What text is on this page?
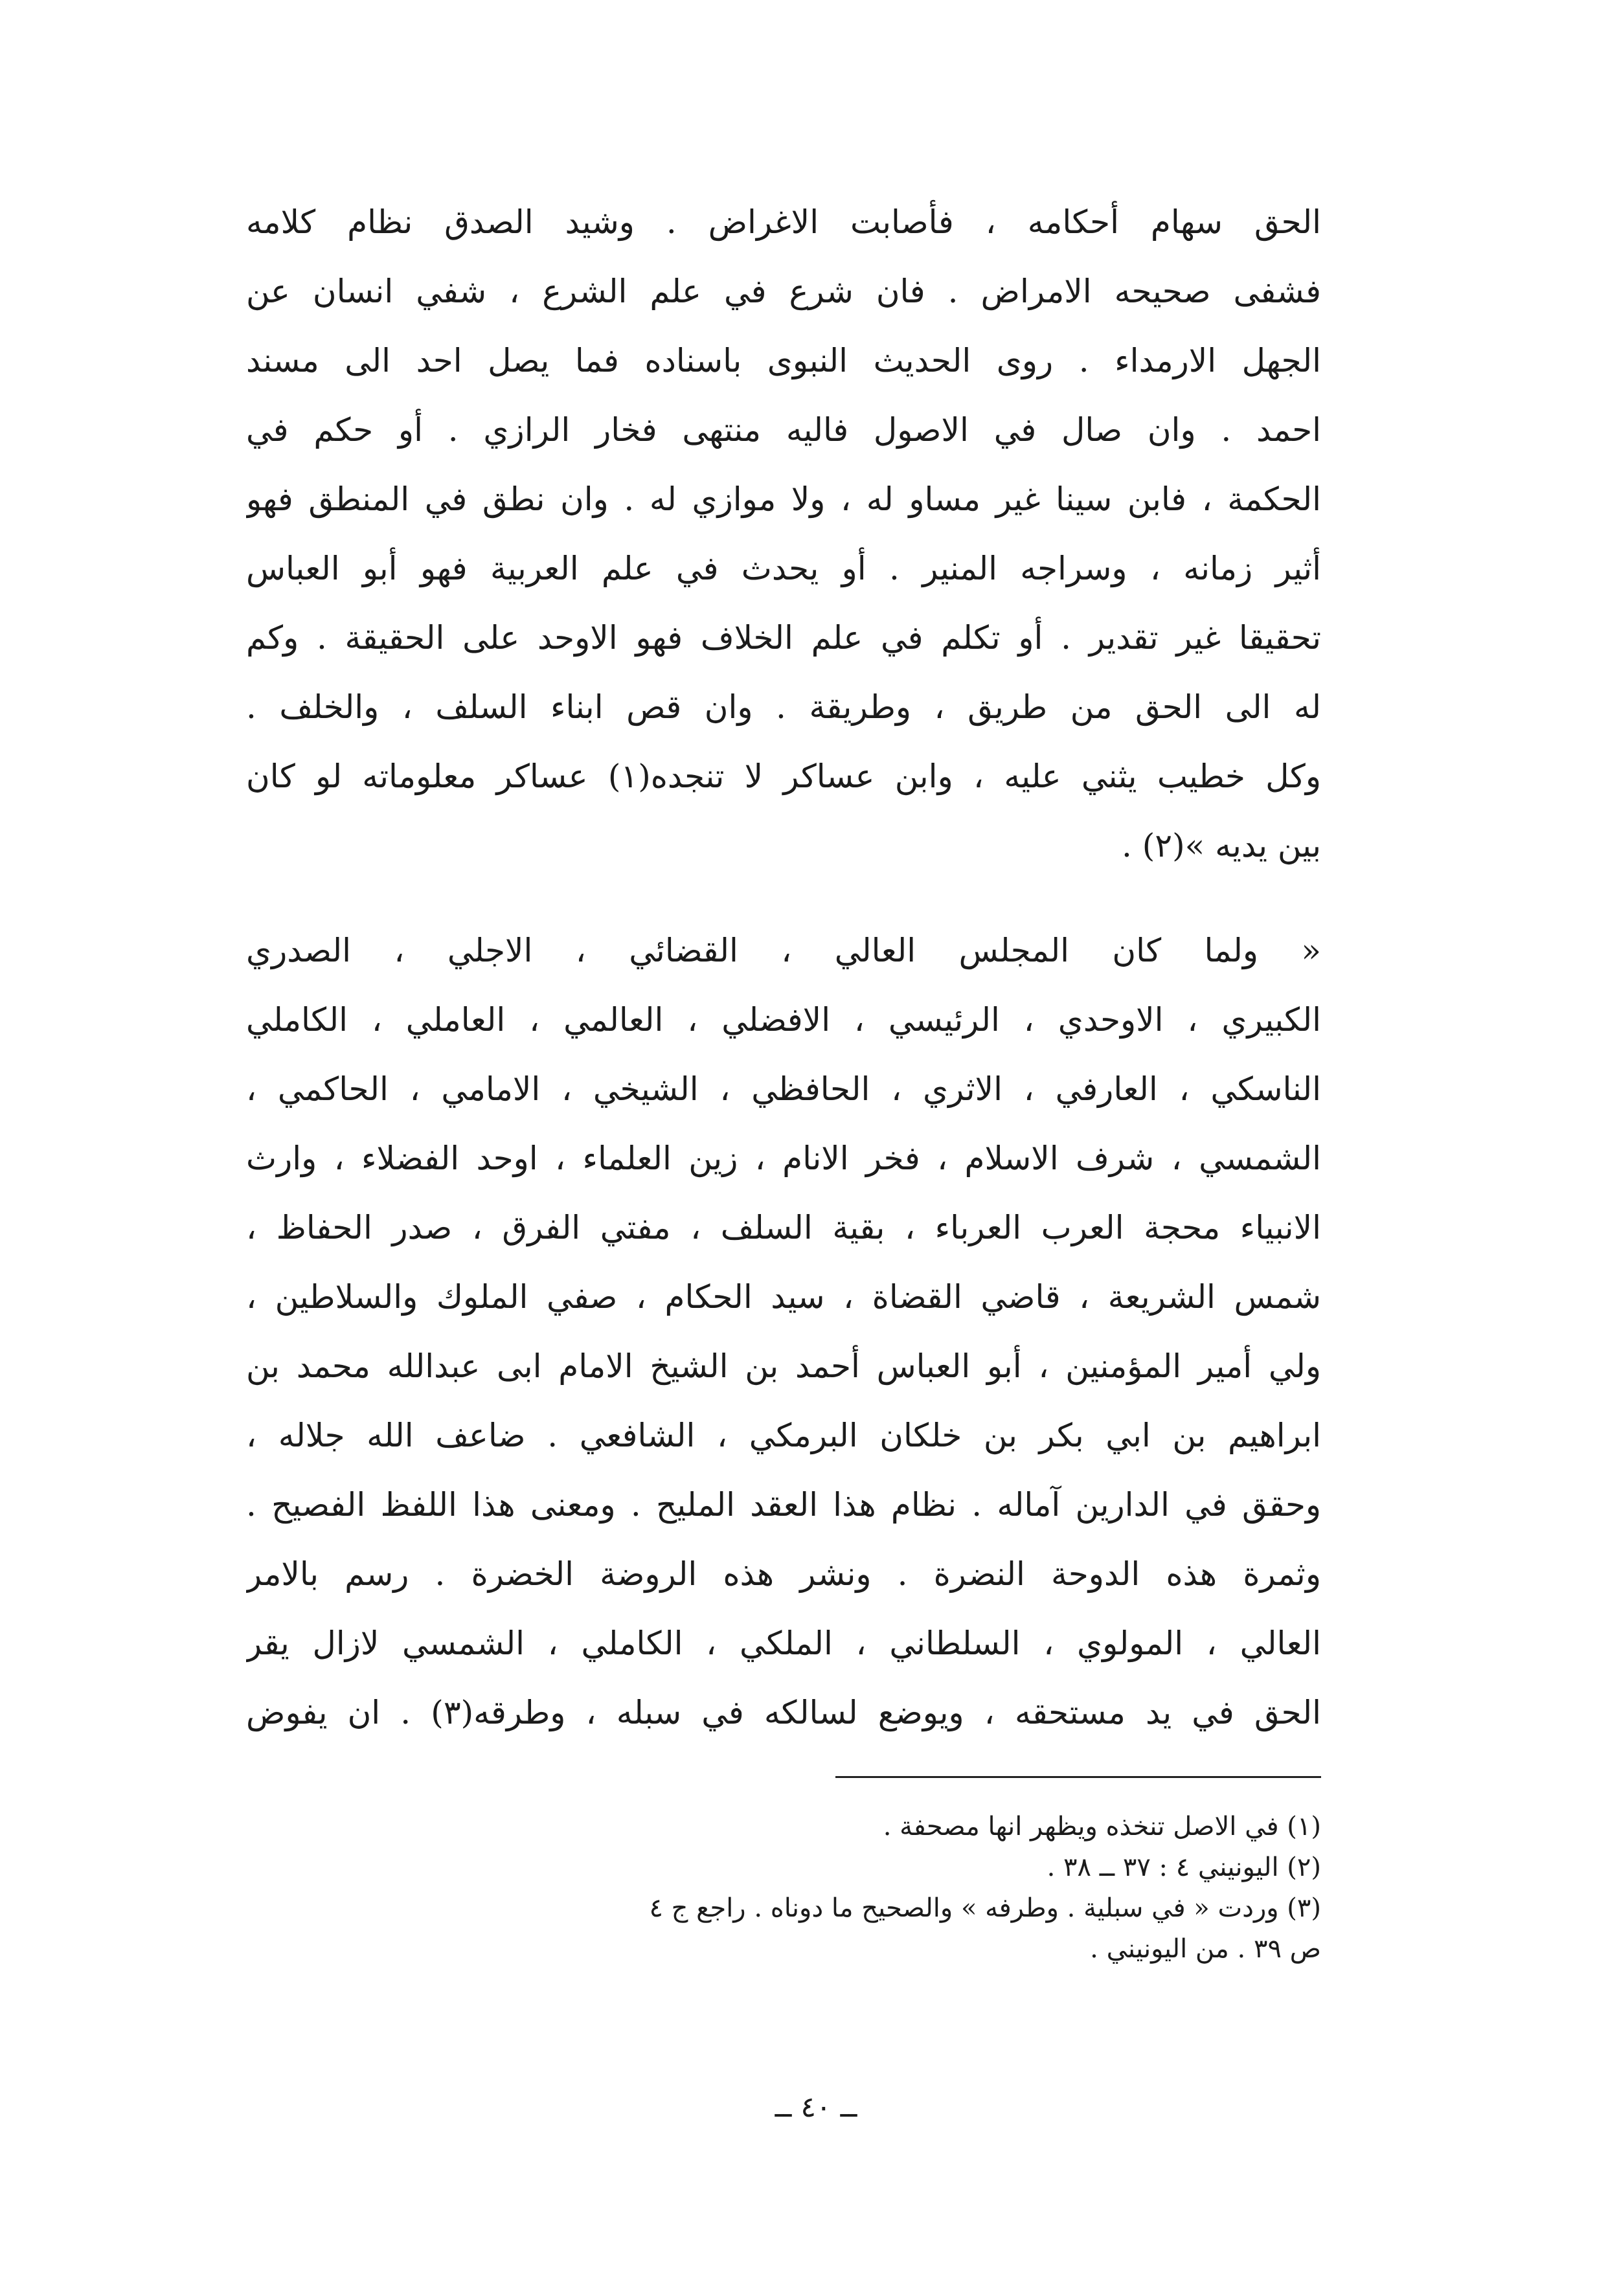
الحق سهام أحكامه ، فأصابت الاغراض . وشيد الصدق نظام كلامه
فشفى صحيحه الامراض . فان شرع في علم الشرع ، شفي انسان عن
الجهل الارمداء . روى الحديث النبوى باسناده فما يصل احد الى مسند
احمد . وان صال في الاصول فاليه منتهى فخار الرازي . أو حكم في
الحكمة ، فابن سينا غير مساو له ، ولا موازي له . وان نطق في المنطق فهو
أثير زمانه ، وسراجه المنير . أو يحدث في علم العربية فهو أبو العباس
تحقيقا غير تقدير . أو تكلم في علم الخلاف فهو الاوحد على الحقيقة . وكم
له الى الحق من طريق ، وطريقة . وان قص ابناء السلف ، والخلف .
وكل خطيب يثني عليه ، وابن عساكر لا تنجده(١) عساكر معلوماته لو كان
بين يديه »(٢) .
« ولما كان المجلس العالي ، القضائي ، الاجلي ، الصدري
الكبيري ، الاوحدي ، الرئيسي ، الافضلي ، العالمي ، العاملي ، الكاملي
الناسكي ، العارفي ، الاثري ، الحافظي ، الشيخي ، الامامي ، الحاكمي ،
الشمسي ، شرف الاسلام ، فخر الانام ، زين العلماء ، اوحد الفضلاء ، وارث
الانبياء محجة العرب العرباء ، بقية السلف ، مفتي الفرق ، صدر الحفاظ ،
شمس الشريعة ، قاضي القضاة ، سيد الحكام ، صفي الملوك والسلاطين ،
ولي أمير المؤمنين ، أبو العباس أحمد بن الشيخ الامام ابى عبدالله محمد بن
ابراهيم بن ابي بكر بن خلكان البرمكي ، الشافعي . ضاعف الله جلاله ،
وحقق في الدارين آماله . نظام هذا العقد المليح . ومعنى هذا اللفظ الفصيح .
وثمرة هذه الدوحة النضرة . ونشر هذه الروضة الخضرة . رسم بالامر
العالي ، المولوي ، السلطاني ، الملكي ، الكاملي ، الشمسي لازال يقر
الحق في يد مستحقه ، ويوضع لسالكه في سبله ، وطرقه(٣) . ان يفوض
(١) في الاصل تنخذه ويظهر انها مصحفة .
(٢) اليونيني ٤ : ٣٧ ــ ٣٨ .
(٣) وردت « في سبلية . وطرفه » والصحيح ما دوناه . راجع ج ٤
ص ٣٩ . من اليونيني .
ــ ٤٠ ــ
